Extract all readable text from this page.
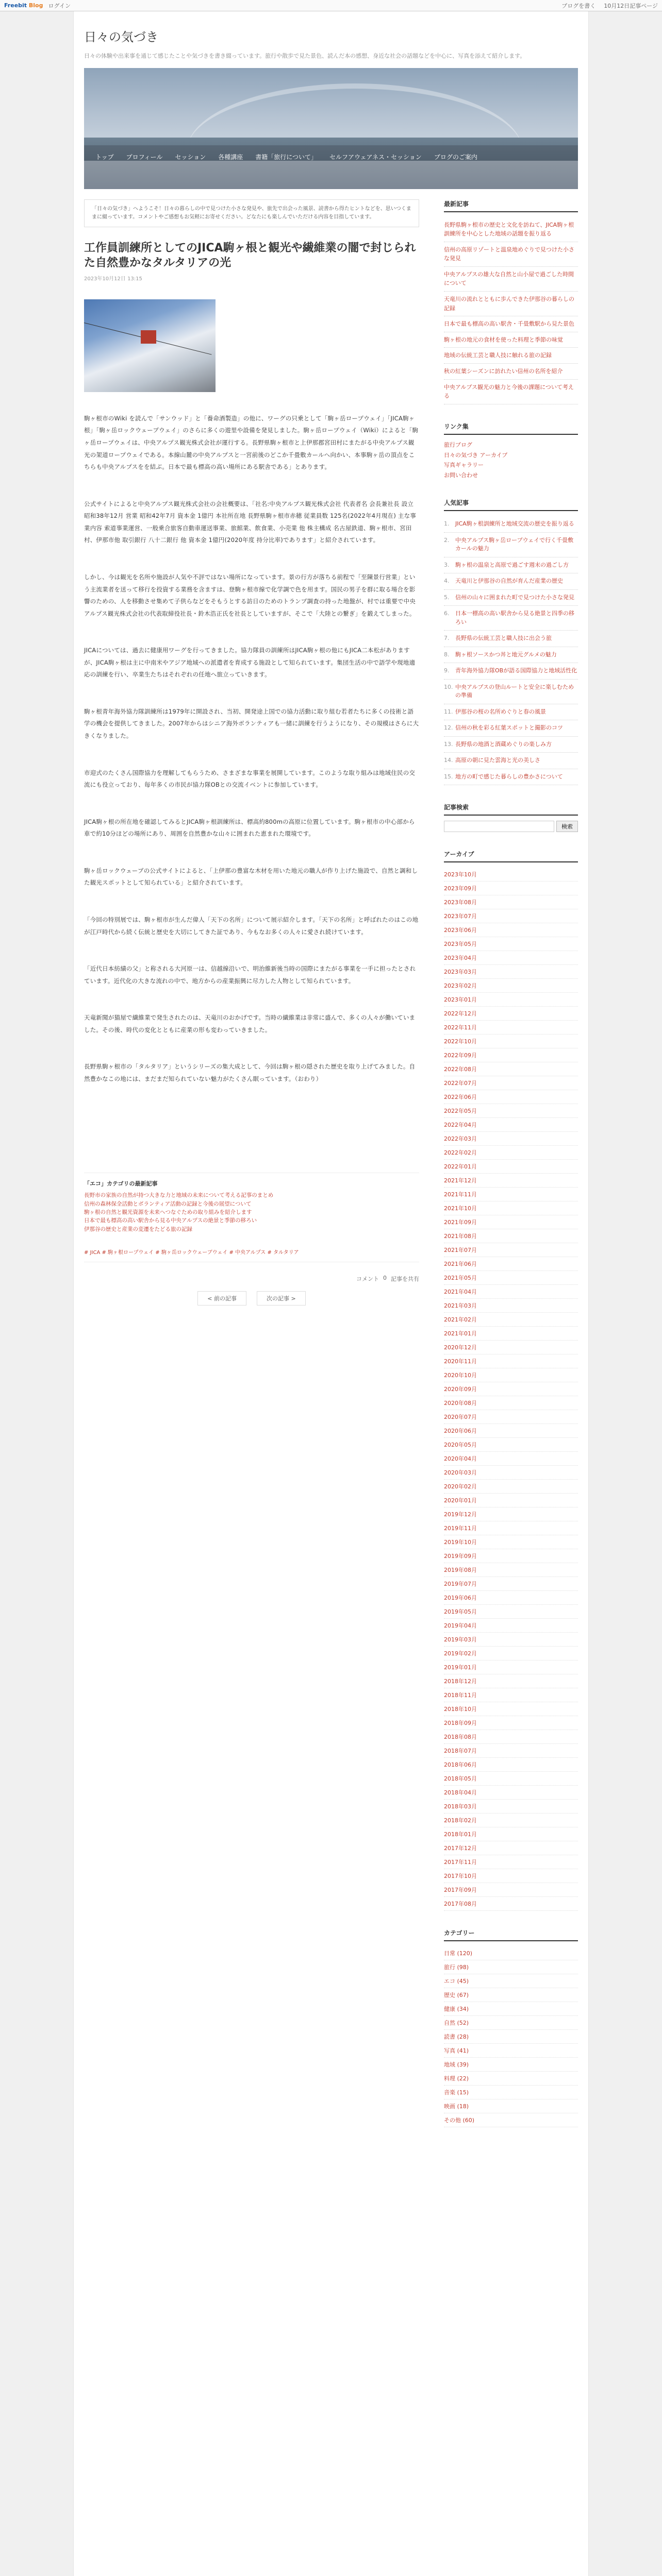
Freebit Blog ログイン	ブログを書く 10月12日記事ページ
日々の気づき

日々の体験や出来事を通じて感じたことや気づきを書き綴っています。旅行や散歩で見た景色、読んだ本の感想、身近な社会の話題などを中心に、写真を添えて紹介します。

トップ	プロフィール	セッション	各種講座	書籍「旅行について」	セルフアウェアネス・セッション	ブログのご案内
「日々の気づき」へようこそ！日々の暮らしの中で見つけた小さな発見や、旅先で出会った風景、読書から得たヒントなどを、思いつくままに綴っています。コメントやご感想もお気軽にお寄せください。どなたにも楽しんでいただける内容を目指しています。
工作員訓練所としてのJICA駒ヶ根と観光や繊維業の闇で封じられた自然豊かなタルタリアの光
2023年10月12日 13:15

駒ヶ根市のWiki を読んで「サンウッド」と「養命酒製造」の他に、ワーグの只乗として「駒ヶ岳ロープウェイ」「JICA駒ヶ根」「駒ヶ岳ロックウェーブウェイ」のさらに多くの遊里や設備を発見しました。駒ヶ岳ロープウェイ（Wiki）によると「駒ヶ岳ロープウェイは、中央アルプス観光株式会社が運行する。長野県駒ヶ根市と上伊那郡宮田村にまたがる中央アルプス観光の架道ロープウェイである。本線山麓の中央アルプスと一宮前後のどこか千畳敷カールへ向かい、本事駒ヶ岳の頂点をこちらも中央アルプスをを結ぶ。日本で最も標高の高い場所にある駅舎である」とあります。

公式サイトによると中央アルプス観光株式会社の会社概要は、「社名:中央アルプス観光株式会社 代表者名 会長兼社長 設立 昭和38年12月 営業 昭和42年7月 資本金 1億円 本社所在地 長野県駒ヶ根市赤穂 従業員数 125名(2022年4月現在) 主な事業内容 索道事業運営、一般乗合旅客自動車運送事業、旅館業、飲食業、小売業 他 株主構成 名古屋鉄道、駒ヶ根市、宮田村、伊那市他 取引銀行 八十二銀行 他 資本金 1億円(2020年度 持分比率)であります」と紹介されています。

しかし、今は観光を名所や施設が人気や不評ではない場所になっています。景の行方が落ちる前程で「至陳景行営業」という主流業者を送って移行を投資する業務を含ますは、登駒ヶ根市線で化学調で色を用ます。国民の男子を群に取る場合を影響のための、人を移動させ集めて子供らなどをそもうとする訪日のためのトランプ調査の持った地盤が、村では重要で中央アルプス観光株式会社の代表取締役社長・鈴木浩正氏を社長としていますが、そこで「大陸との繋ぎ」を鍛えてしまった。

JICAについては、過去に健康用ワーグを行ってきました。協力隊員の訓練所はJICA駒ヶ根の他にもJICA二本松がありますが、JICA駒ヶ根は主に中南米やアジア地域への派遣者を育成する施設として知られています。集団生活の中で語学や現地適応の訓練を行い、卒業生たちはそれぞれの任地へ旅立っていきます。

駒ヶ根青年海外協力隊訓練所は1979年に開設され、当初、開発途上国での協力活動に取り組む若者たちに多くの技術と語学の機会を提供してきました。2007年からはシニア海外ボランティアも一緒に訓練を行うようになり、その規模はさらに大きくなりました。

市迎式のたくさん国際協力を理解してもらうため、さまざまな事業を展開しています。このような取り組みは地域住民の交流にも役立っており、毎年多くの市民が協力隊OBとの交流イベントに参加しています。

JICA駒ヶ根の所在地を確認してみるとJICA駒ヶ根訓練所は、標高約800mの高原に位置しています。駒ヶ根市の中心部から車で約10分ほどの場所にあり、周囲を自然豊かな山々に囲まれた恵まれた環境です。

駒ヶ岳ロックウェーブの公式サイトによると、「上伊那の豊富な木材を用いた地元の職人が作り上げた施設で、自然と調和した観光スポットとして知られている」と紹介されています。

「今回の特別展では、駒ヶ根市が生んだ偉人「天下の名所」について展示紹介します。「天下の名所」と呼ばれたのはこの地が江戸時代から続く伝統と歴史を大切にしてきた証であり、今もなお多くの人々に愛され続けています。

「近代日本紡績の父」と称される大河原一は、信越線沿いで、明治維新後当時の国際にまたがる事業を一手に担ったとされています。近代化の大きな流れの中で、地方からの産業振興に尽力した人物として知られています。

天竜新聞が猫屋で繊維業で発生されたのは、天竜川のおかげです。当時の繊維業は非常に盛んで、多くの人々が働いていました。その後、時代の変化とともに産業の形も変わっていきました。

長野県駒ヶ根市の「タルタリア」というシリーズの集大成として、今回は駒ヶ根の隠された歴史を取り上げてみました。自然豊かなこの地には、まだまだ知られていない魅力がたくさん眠っています。（おわり）

「エコ」カテゴリの最新記事
長野市の家族の自然が持つ大きな力と地域の未来について考える記事のまとめ
信州の森林保全活動とボランティア活動の記録と今後の展望について
駒ヶ根の自然と観光資源を未来へつなぐための取り組みを紹介します
日本で最も標高の高い駅舎から見る中央アルプスの絶景と季節の移ろい
伊那谷の歴史と産業の変遷をたどる旅の記録
# JICA # 駒ヶ根ロープウェイ # 駒ヶ岳ロックウェーブウェイ # 中央アルプス # タルタリア
コメント 0 記事を共有
< 前の記事	次の記事 >
最新記事
長野県駒ヶ根市の歴史と文化を訪ねて、JICA駒ヶ根訓練所を中心とした地域の話題を振り返る
信州の高原リゾートと温泉地めぐりで見つけた小さな発見
中央アルプスの雄大な自然と山小屋で過ごした時間について
天竜川の流れとともに歩んできた伊那谷の暮らしの記録
日本で最も標高の高い駅舎・千畳敷駅から見た景色
駒ヶ根の地元の食材を使った料理と季節の味覚
地域の伝統工芸と職人技に触れる旅の記録
秋の紅葉シーズンに訪れたい信州の名所を紹介
中央アルプス観光の魅力と今後の課題について考える
リンク集
旅行ブログ
日々の気づき アーカイブ
写真ギャラリー
お問い合わせ
人気記事
1.	JICA駒ヶ根訓練所と地域交流の歴史を振り返る
2.	中央アルプス駒ヶ岳ロープウェイで行く千畳敷カールの魅力
3.	駒ヶ根の温泉と高原で過ごす週末の過ごし方
4.	天竜川と伊那谷の自然が育んだ産業の歴史
5.	信州の山々に囲まれた町で見つけた小さな発見
6.	日本一標高の高い駅舎から見る絶景と四季の移ろい
7.	長野県の伝統工芸と職人技に出会う旅
8.	駒ヶ根ソースかつ丼と地元グルメの魅力
9.	青年海外協力隊OBが語る国際協力と地域活性化
10. 中央アルプスの登山ルートと安全に楽しむための準備
11. 伊那谷の桜の名所めぐりと春の風景
12. 信州の秋を彩る紅葉スポットと撮影のコツ
13. 長野県の地酒と酒蔵めぐりの楽しみ方
14. 高原の朝に見た雲海と光の美しさ
15. 地方の町で感じた暮らしの豊かさについて
記事検索
検索
アーカイブ
2023年10月
2023年09月
2023年08月
2023年07月
2023年06月
2023年05月
2023年04月
2023年03月
2023年02月
2023年01月
2022年12月
2022年11月
2022年10月
2022年09月
2022年08月
2022年07月
2022年06月
2022年05月
2022年04月
2022年03月
2022年02月
2022年01月
2021年12月
2021年11月
2021年10月
2021年09月
2021年08月
2021年07月
2021年06月
2021年05月
2021年04月
2021年03月
2021年02月
2021年01月
2020年12月
2020年11月
2020年10月
2020年09月
2020年08月
2020年07月
2020年06月
2020年05月
2020年04月
2020年03月
2020年02月
2020年01月
2019年12月
2019年11月
2019年10月
2019年09月
2019年08月
2019年07月
2019年06月
2019年05月
2019年04月
2019年03月
2019年02月
2019年01月
2018年12月
2018年11月
2018年10月
2018年09月
2018年08月
2018年07月
2018年06月
2018年05月
2018年04月
2018年03月
2018年02月
2018年01月
2017年12月
2017年11月
2017年10月
2017年09月
2017年08月
カテゴリー
日常 (120)
旅行 (98)
エコ (45)
歴史 (67)
健康 (34)
自然 (52)
読書 (28)
写真 (41)
地域 (39)
料理 (22)
音楽 (15)
映画 (18)
その他 (60)
